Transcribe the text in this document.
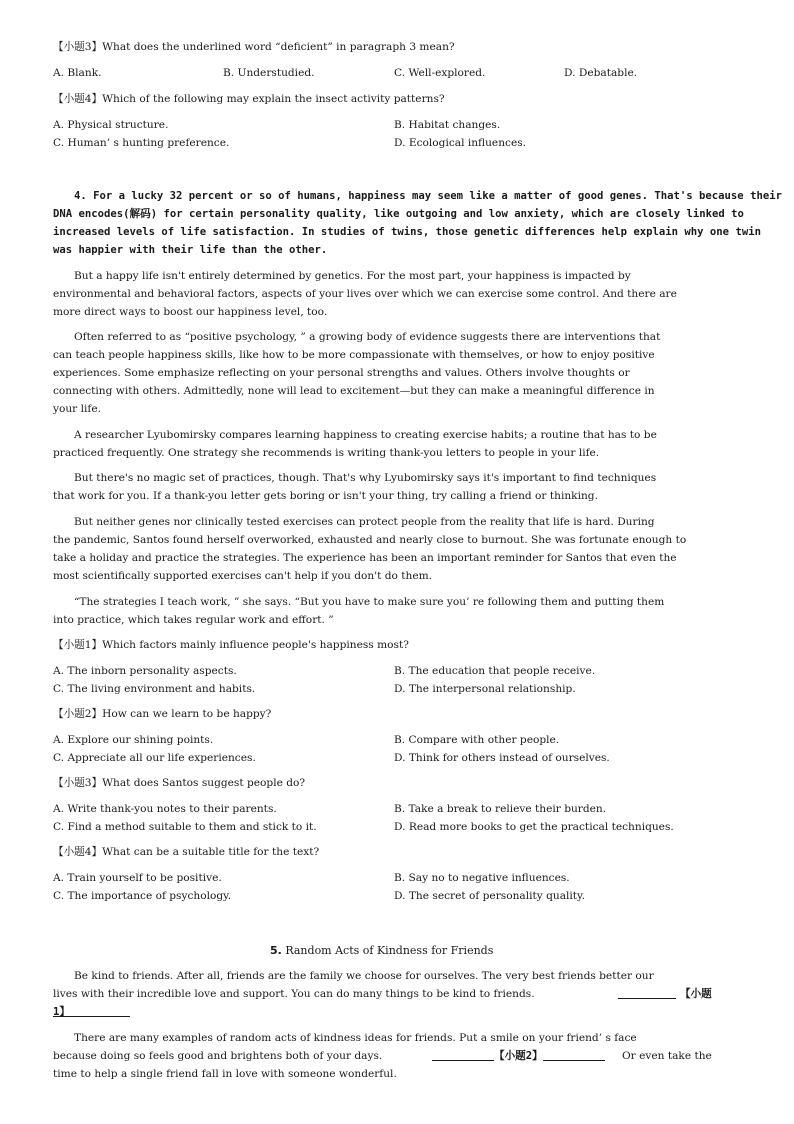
【小题3】What does the underlined word “deficient” in paragraph 3 mean?
A. Blank.	B. Understudied.	C. Well-explored.	D. Debatable.
【小题4】Which of the following may explain the insect activity patterns?
A. Physical structure.	B. Habitat changes.
C. Human’ s hunting preference.	D. Ecological influences.
4. For a lucky 32 percent or so of humans, happiness may seem like a matter of good genes. That's because their
DNA encodes(解码) for certain personality quality, like outgoing and low anxiety, which are closely linked to
increased levels of life satisfaction. In studies of twins, those genetic differences help explain why one twin
was happier with their life than the other.
But a happy life isn't entirely determined by genetics. For the most part, your happiness is impacted by
environmental and behavioral factors, aspects of your lives over which we can exercise some control. And there are
more direct ways to boost our happiness level, too.
Often referred to as “positive psychology, ” a growing body of evidence suggests there are interventions that
can teach people happiness skills, like how to be more compassionate with themselves, or how to enjoy positive
experiences. Some emphasize reflecting on your personal strengths and values. Others involve thoughts or
connecting with others. Admittedly, none will lead to excitement—but they can make a meaningful difference in
your life.
A researcher Lyubomirsky compares learning happiness to creating exercise habits; a routine that has to be
practiced frequently. One strategy she recommends is writing thank-you letters to people in your life.
But there's no magic set of practices, though. That's why Lyubomirsky says it's important to find techniques
that work for you. If a thank-you letter gets boring or isn't your thing, try calling a friend or thinking.
But neither genes nor clinically tested exercises can protect people from the reality that life is hard. During
the pandemic, Santos found herself overworked, exhausted and nearly close to burnout. She was fortunate enough to
take a holiday and practice the strategies. The experience has been an important reminder for Santos that even the
most scientifically supported exercises can't help if you don't do them.
“The strategies I teach work, ” she says. “But you have to make sure you’ re following them and putting them
into practice, which takes regular work and effort. ”
【小题1】Which factors mainly influence people's happiness most?
A. The inborn personality aspects.	B. The education that people receive.
C. The living environment and habits.	D. The interpersonal relationship.
【小题2】How can we learn to be happy?
A. Explore our shining points.	B. Compare with other people.
C. Appreciate all our life experiences.	D. Think for others instead of ourselves.
【小题3】What does Santos suggest people do?
A. Write thank-you notes to their parents.	B. Take a break to relieve their burden.
C. Find a method suitable to them and stick to it.	D. Read more books to get the practical techniques.
【小题4】What can be a suitable title for the text?
A. Train yourself to be positive.	B. Say no to negative influences.
C. The importance of psychology.	D. The secret of personality quality.
5. Random Acts of Kindness for Friends
Be kind to friends. After all, friends are the family we choose for ourselves. The very best friends better our
lives with their incredible love and support. You can do many things to be kind to friends.	【小题
1】
There are many examples of random acts of kindness ideas for friends. Put a smile on your friend’ s face
because doing so feels good and brightens both of your days.	【小题2】	Or even take the
time to help a single friend fall in love with someone wonderful.
